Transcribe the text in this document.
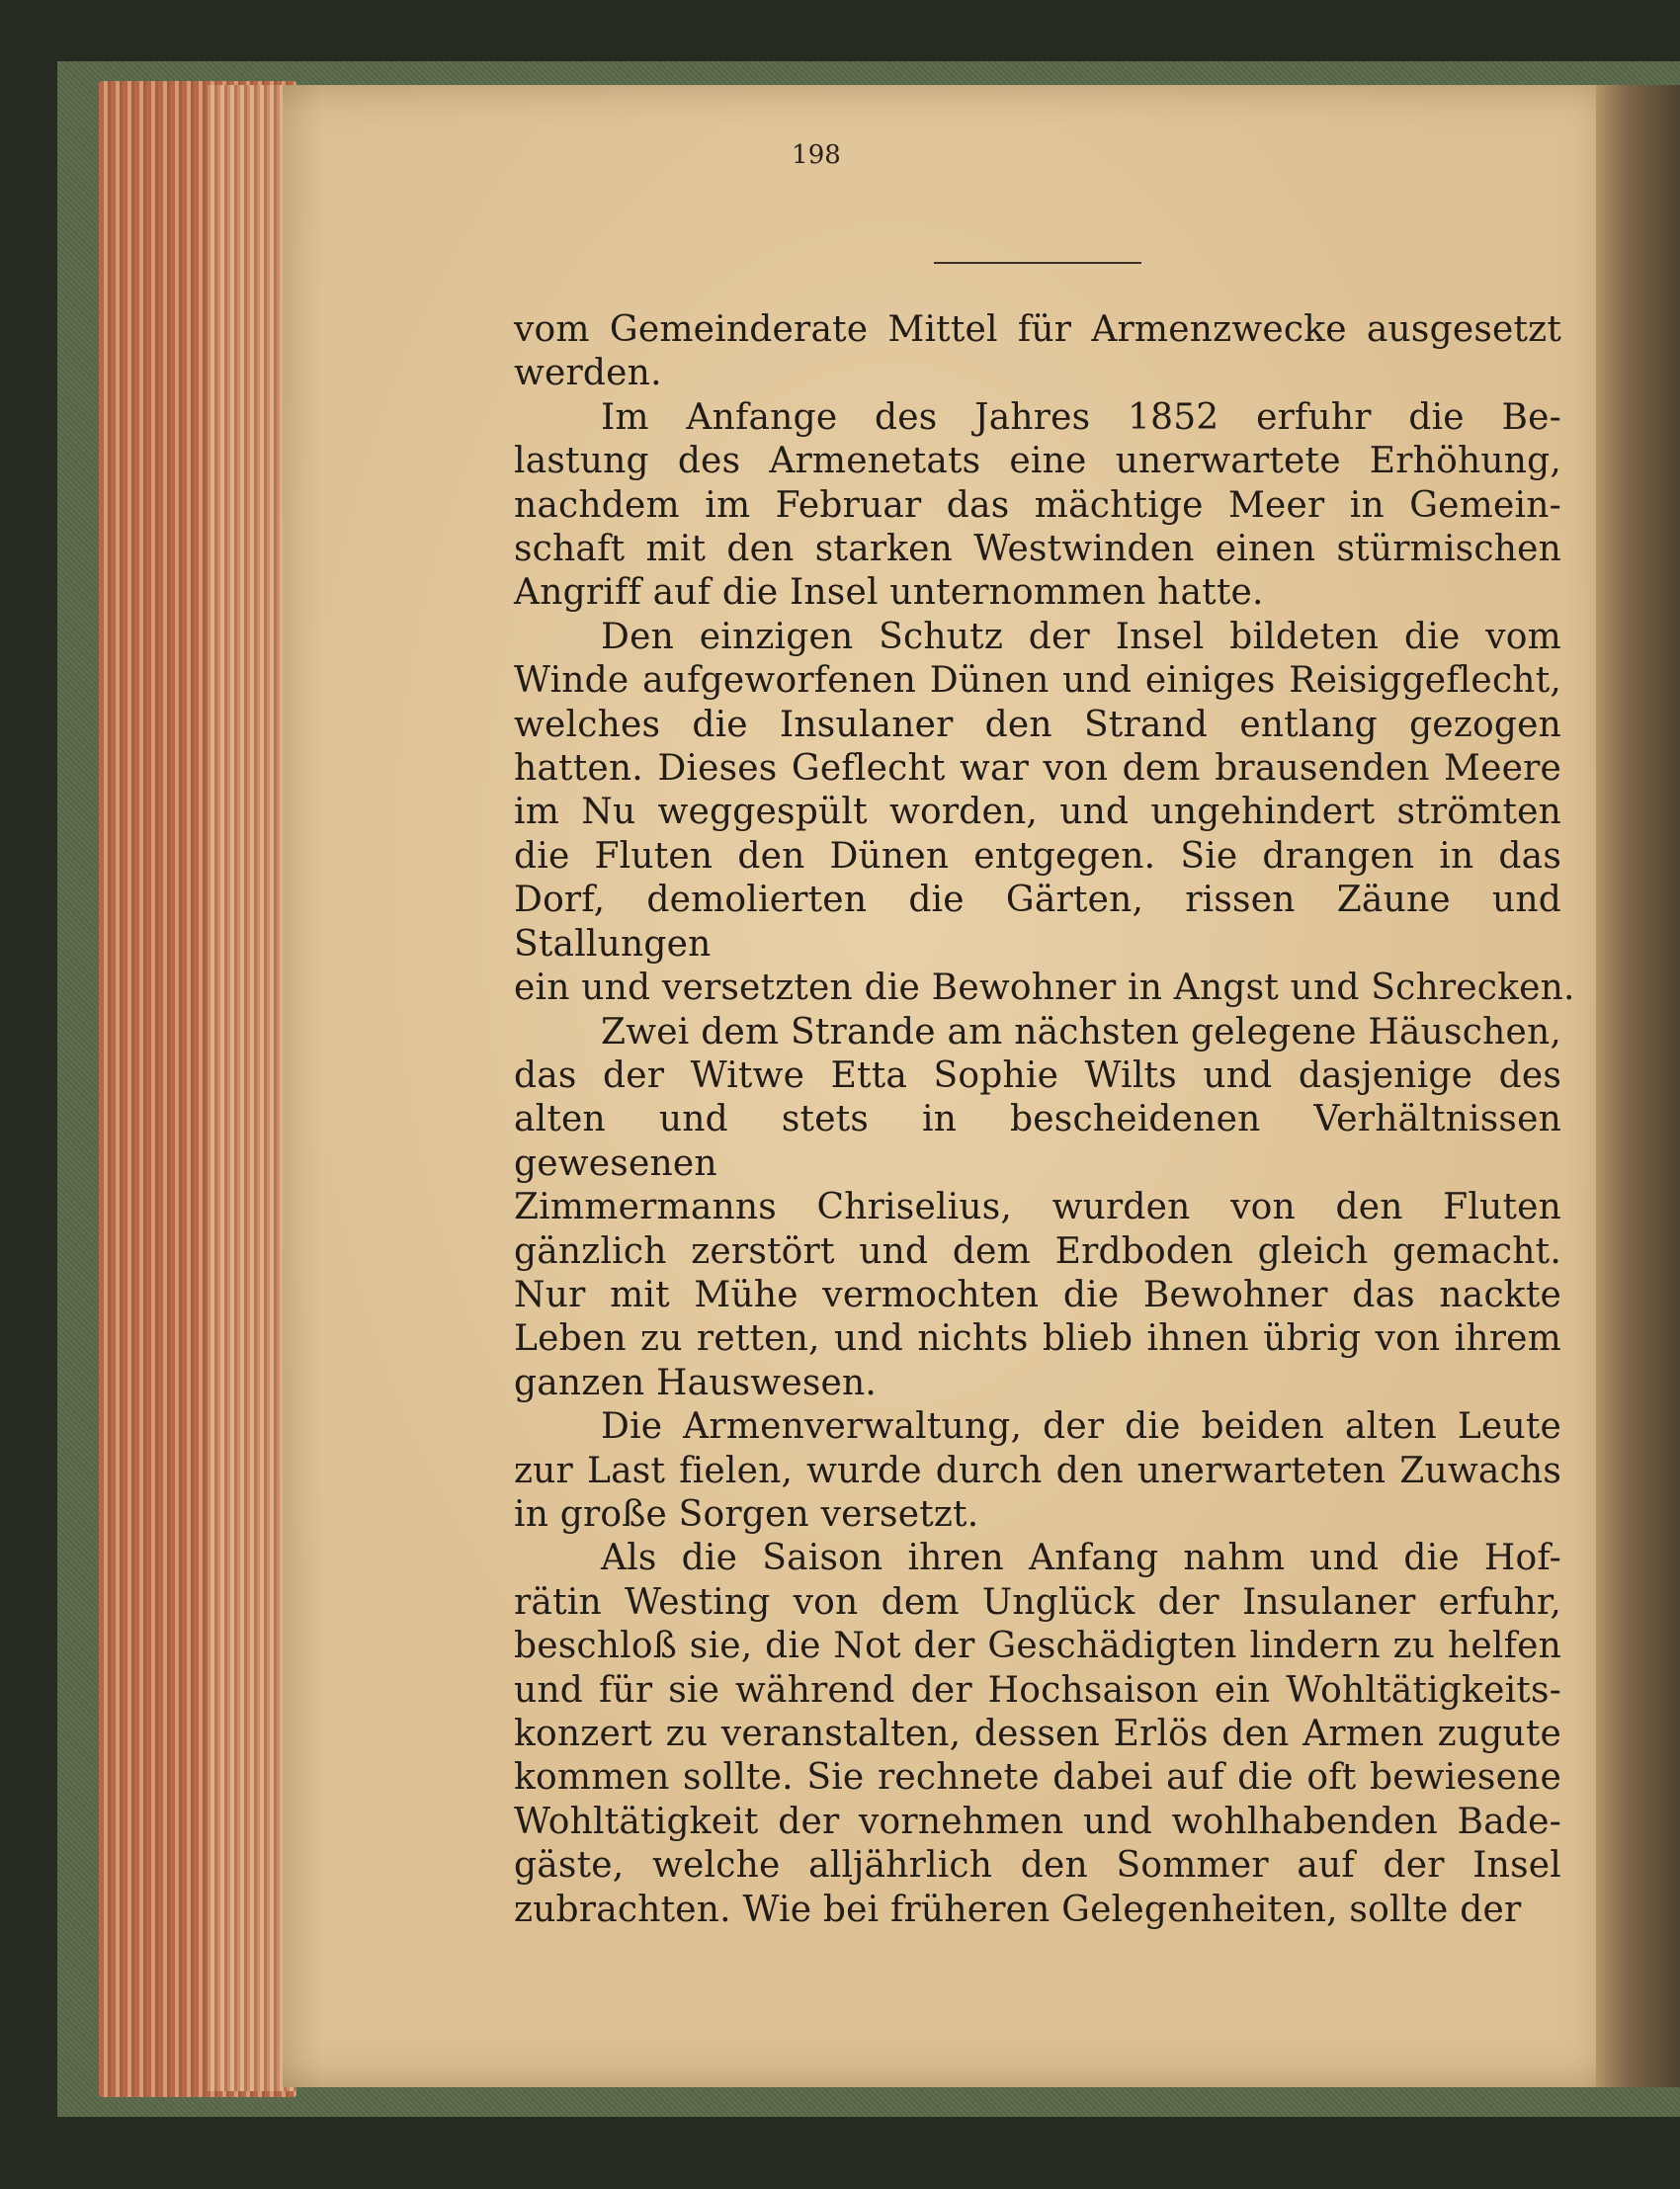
198
vom Gemeinderate Mittel für Armenzwecke ausgesetzt
werden.
Im Anfange des Jahres 1852 erfuhr die Be-
lastung des Armenetats eine unerwartete Erhöhung,
nachdem im Februar das mächtige Meer in Gemein-
schaft mit den starken Westwinden einen stürmischen
Angriff auf die Insel unternommen hatte.
Den einzigen Schutz der Insel bildeten die vom
Winde aufgeworfenen Dünen und einiges Reisiggeflecht,
welches die Insulaner den Strand entlang gezogen
hatten. Dieses Geflecht war von dem brausenden Meere
im Nu weggespült worden, und ungehindert strömten
die Fluten den Dünen entgegen. Sie drangen in das
Dorf, demolierten die Gärten, rissen Zäune und Stallungen
ein und versetzten die Bewohner in Angst und Schrecken.
Zwei dem Strande am nächsten gelegene Häuschen,
das der Witwe Etta Sophie Wilts und dasjenige des
alten und stets in bescheidenen Verhältnissen gewesenen
Zimmermanns Chriselius, wurden von den Fluten
gänzlich zerstört und dem Erdboden gleich gemacht.
Nur mit Mühe vermochten die Bewohner das nackte
Leben zu retten, und nichts blieb ihnen übrig von ihrem
ganzen Hauswesen.
Die Armenverwaltung, der die beiden alten Leute
zur Last fielen, wurde durch den unerwarteten Zuwachs
in große Sorgen versetzt.
Als die Saison ihren Anfang nahm und die Hof-
rätin Westing von dem Unglück der Insulaner erfuhr,
beschloß sie, die Not der Geschädigten lindern zu helfen
und für sie während der Hochsaison ein Wohltätigkeits-
konzert zu veranstalten, dessen Erlös den Armen zugute
kommen sollte. Sie rechnete dabei auf die oft bewiesene
Wohltätigkeit der vornehmen und wohlhabenden Bade-
gäste, welche alljährlich den Sommer auf der Insel
zubrachten. Wie bei früheren Gelegenheiten, sollte der
